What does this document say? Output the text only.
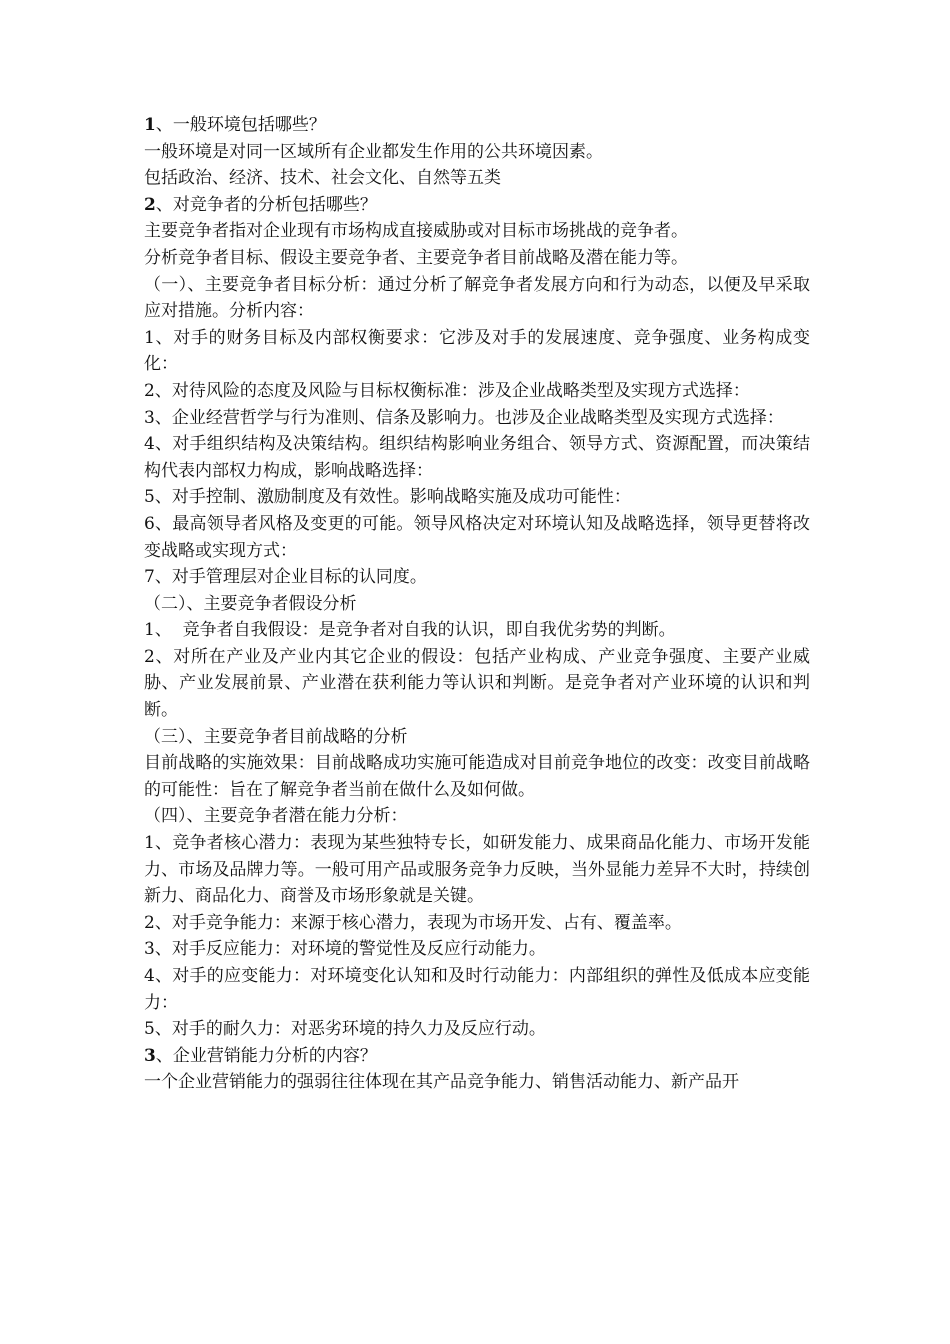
1、一般环境包括哪些？

一般环境是对同一区域所有企业都发生作用的公共环境因素。

包括政治、经济、技术、社会文化、自然等五类

2、对竞争者的分析包括哪些？

主要竞争者指对企业现有市场构成直接威胁或对目标市场挑战的竞争者。

分析竞争者目标、假设主要竞争者、主要竞争者目前战略及潜在能力等。

（一）、主要竞争者目标分析：通过分析了解竞争者发展方向和行为动态，以便及早采取应对措施。分析内容：

1、对手的财务目标及内部权衡要求：它涉及对手的发展速度、竞争强度、业务构成变化：

2、对待风险的态度及风险与目标权衡标准：涉及企业战略类型及实现方式选择：

3、企业经营哲学与行为准则、信条及影响力。也涉及企业战略类型及实现方式选择：

4、对手组织结构及决策结构。组织结构影响业务组合、领导方式、资源配置，而决策结构代表内部权力构成，影响战略选择：

5、对手控制、激励制度及有效性。影响战略实施及成功可能性：

6、最高领导者风格及变更的可能。领导风格决定对环境认知及战略选择，领导更替将改变战略或实现方式：

7、对手管理层对企业目标的认同度。

（二）、主要竞争者假设分析

1、  竞争者自我假设：是竞争者对自我的认识，即自我优劣势的判断。

2、对所在产业及产业内其它企业的假设：包括产业构成、产业竞争强度、主要产业威胁、产业发展前景、产业潜在获利能力等认识和判断。是竞争者对产业环境的认识和判断。

（三）、主要竞争者目前战略的分析

目前战略的实施效果：目前战略成功实施可能造成对目前竞争地位的改变：改变目前战略的可能性：旨在了解竞争者当前在做什么及如何做。

（四）、主要竞争者潜在能力分析：

1、竞争者核心潜力：表现为某些独特专长，如研发能力、成果商品化能力、市场开发能力、市场及品牌力等。一般可用产品或服务竞争力反映，当外显能力差异不大时，持续创新力、商品化力、商誉及市场形象就是关键。

2、对手竞争能力：来源于核心潜力，表现为市场开发、占有、覆盖率。

3、对手反应能力：对环境的警觉性及反应行动能力。

4、对手的应变能力：对环境变化认知和及时行动能力：内部组织的弹性及低成本应变能力：

5、对手的耐久力：对恶劣环境的持久力及反应行动。

3、企业营销能力分析的内容？

一个企业营销能力的强弱往往体现在其产品竞争能力、销售活动能力、新产品开
